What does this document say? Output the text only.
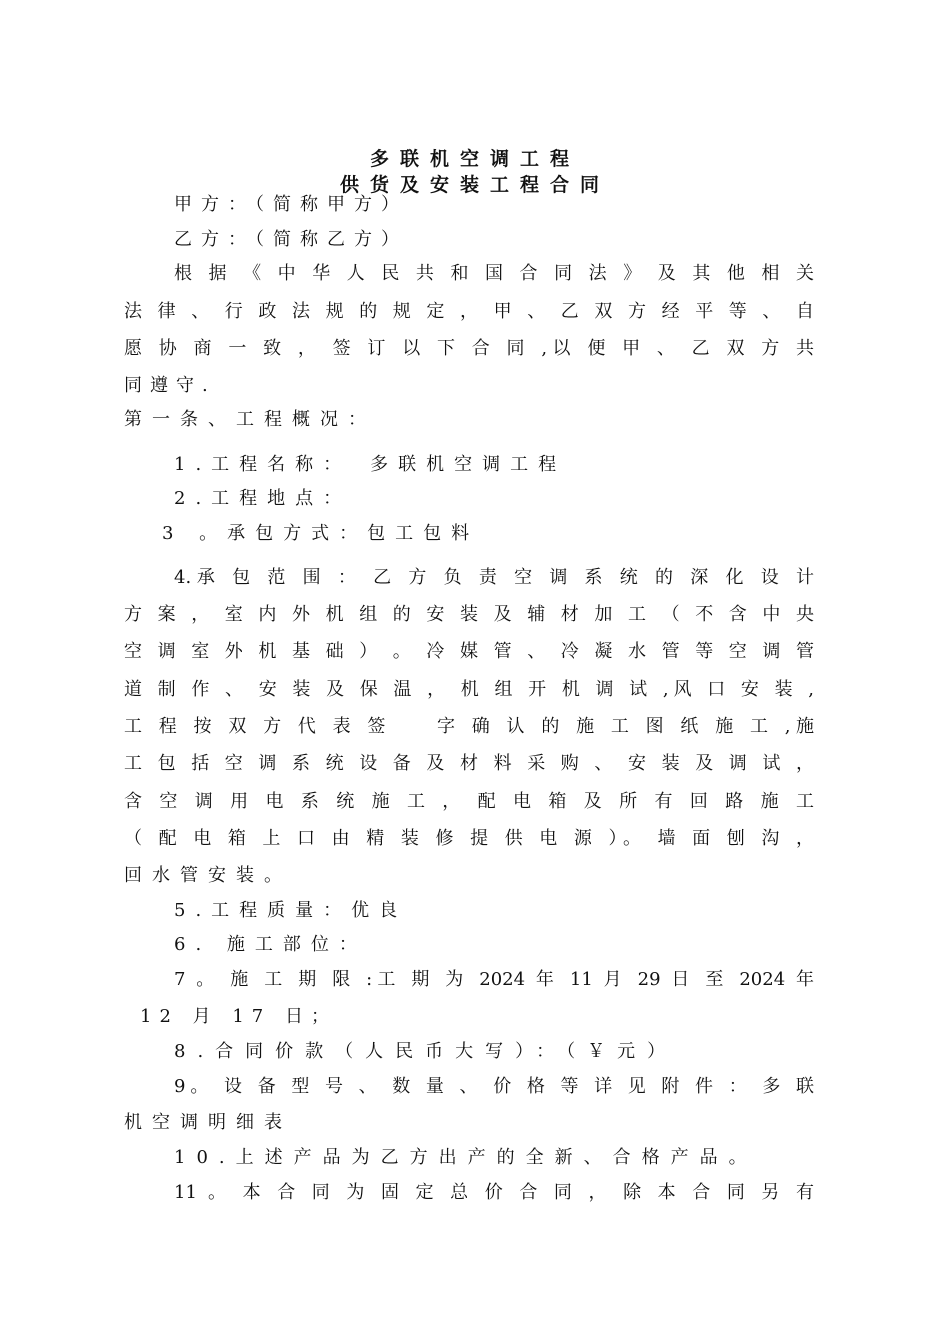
多联机空调工程
供货及安装工程合同
甲方：（简称甲方）
乙方：（简称乙方）
根 据 《 中 华 人 民 共 和 国 合 同 法 》 及 其 他 相 关
法 律 、 行 政 法 规 的 规 定 ， 甲 、 乙 双 方 经 平 等 、 自
愿 协 商 一 致 ， 签 订 以 下 合 同 ,以 便 甲 、 乙 双 方 共
同遵守.
第一条、工程概况：
1.工程名称：　多联机空调工程
2.工程地点：
3 。承包方式：包工包料
4.承 包 范 围 ： 乙 方 负 责 空 调 系 统 的 深 化 设 计
方 案 ， 室 内 外 机 组 的 安 装 及 辅 材 加 工 （ 不 含 中 央
空 调 室 外 机 基 础 ） 。 冷 媒 管 、 冷 凝 水 管 等 空 调 管
道 制 作 、 安 装 及 保 温 ， 机 组 开 机 调 试 ,风 口 安 装 ,
工 程 按 双 方 代 表 签 　 字 确 认 的 施 工 图 纸 施 工 ,施
工 包 括 空 调 系 统 设 备 及 材 料 采 购 、 安 装 及 调 试 ，
含 空 调 用 电 系 统 施 工 ， 配 电 箱 及 所 有 回 路 施 工
（ 配 电 箱 上 口 由 精 装 修 提 供 电 源 ）。 墙 面 刨 沟 ，
回水管安装。
5.工程质量：优良
6. 施工部位：
7 。 施 工 期 限 :工 期 为 2024 年 11 月 29 日 至 2024 年
12 月 17 日；
8.合同价款（人民币大写）：（￥元）
9。 设 备 型 号 、 数 量 、 价 格 等 详 见 附 件 ： 多 联
机空调明细表
10.上述产品为乙方出产的全新、合格产品。
11 。 本 合 同 为 固 定 总 价 合 同 ， 除 本 合 同 另 有
